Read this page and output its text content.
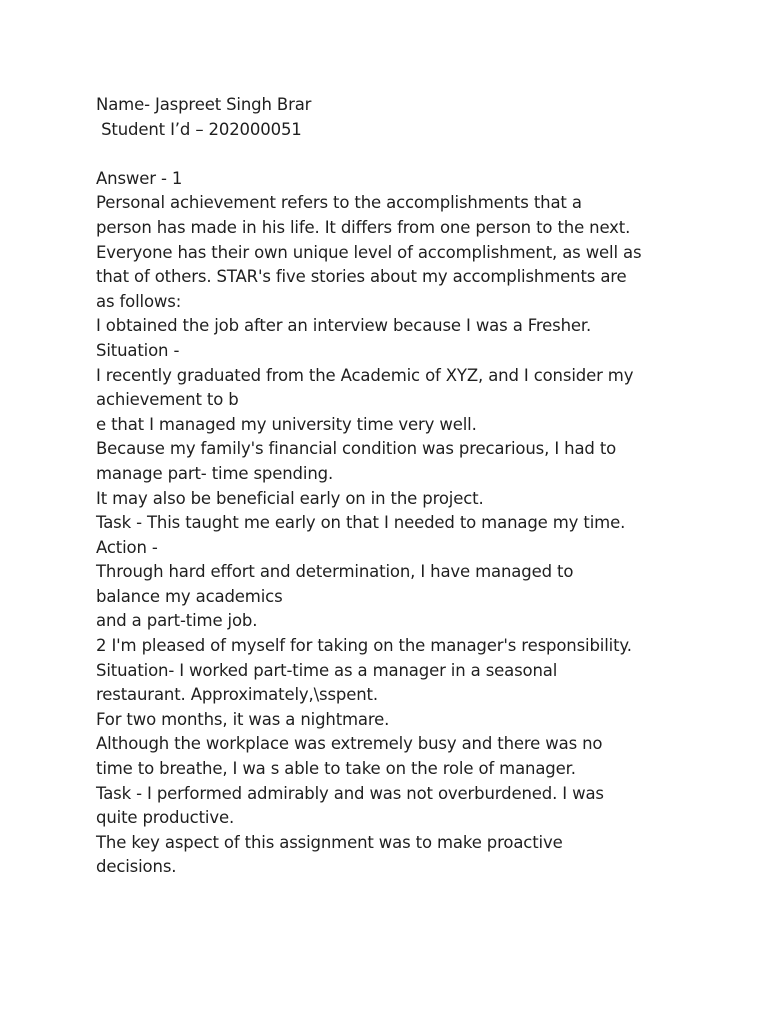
Name- Jaspreet Singh Brar
Student I’d – 202000051
Answer - 1
Personal achievement refers to the accomplishments that a
person has made in his life. It differs from one person to the next.
Everyone has their own unique level of accomplishment, as well as
that of others. STAR's five stories about my accomplishments are
as follows:
I obtained the job after an interview because I was a Fresher.
Situation -
I recently graduated from the Academic of XYZ, and I consider my
achievement to b
e that I managed my university time very well.
Because my family's financial condition was precarious, I had to
manage part- time spending.
It may also be beneficial early on in the project.
Task - This taught me early on that I needed to manage my time.
Action -
Through hard effort and determination, I have managed to
balance my academics
and a part-time job.
2 I'm pleased of myself for taking on the manager's responsibility.
Situation- I worked part-time as a manager in a seasonal
restaurant. Approximately,\sspent.
For two months, it was a nightmare.
Although the workplace was extremely busy and there was no
time to breathe, I wa s able to take on the role of manager.
Task - I performed admirably and was not overburdened. I was
quite productive.
The key aspect of this assignment was to make proactive
decisions.
